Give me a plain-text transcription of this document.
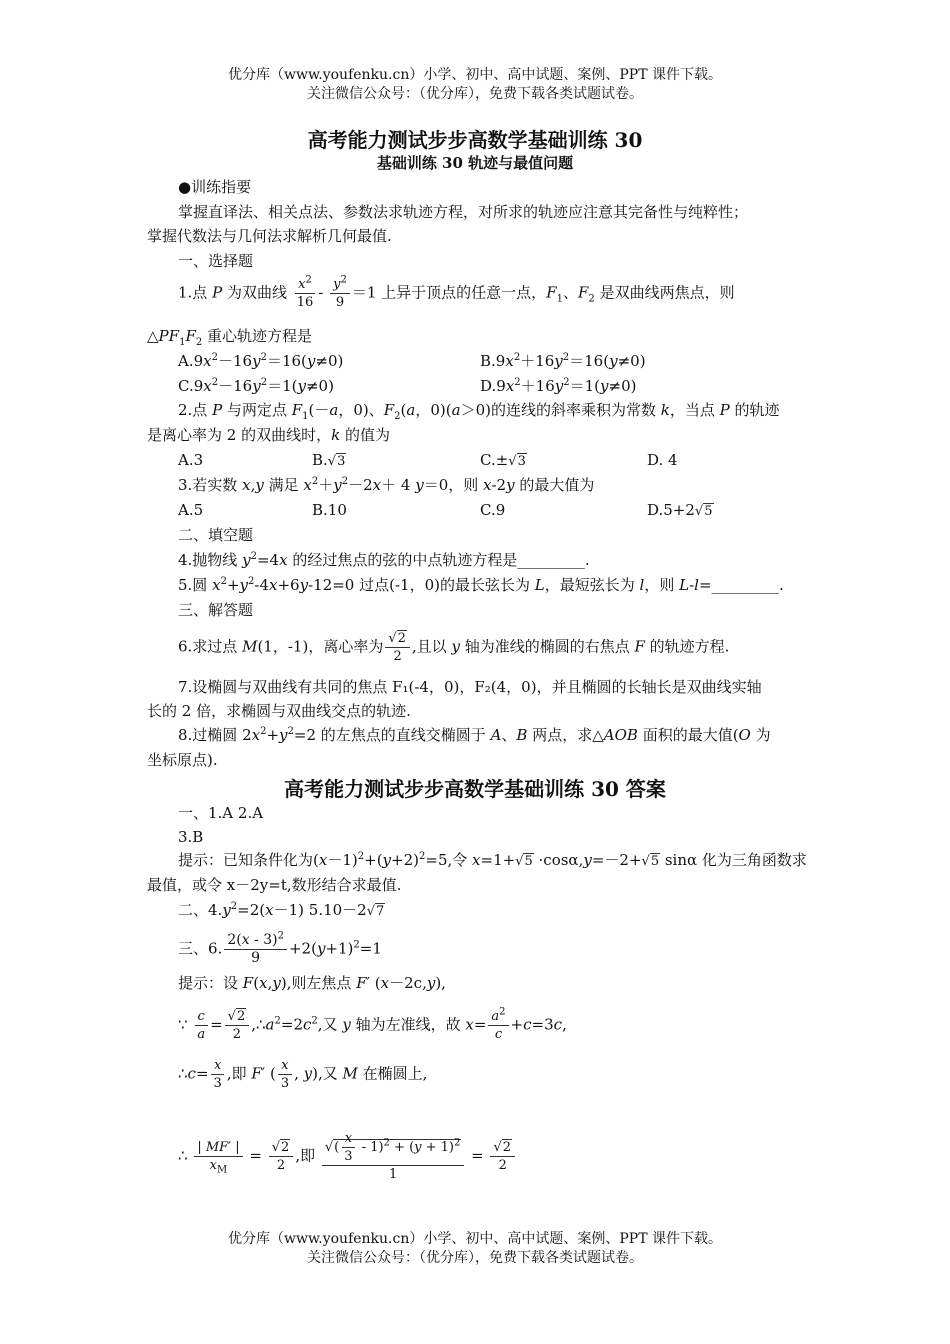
优分库（www.youfenku.cn）小学、初中、高中试题、案例、PPT 课件下载。
关注微信公众号：（优分库），免费下载各类试题试卷。
高考能力测试步步高数学基础训练 30
基础训练 30 轨迹与最值问题
●训练指要
掌握直译法、相关点法、参数法求轨迹方程，对所求的轨迹应注意其完备性与纯粹性；
掌握代数法与几何法求解析几何最值.
一、选择题
1.点 P 为双曲线 $\frac{x^2}{16} - \frac{y^2}{9} =1$ 上异于顶点的任意一点，$F_1$、$F_2$ 是双曲线两焦点，则
$\triangle PF_1F_2$ 重心轨迹方程是
$A.9x^2-16y^2=16(y\ne 0)$	$B.9x^2+16y^2=16(y\ne 0)$
$C.9x^2-16y^2=1(y\ne 0)$	$D.9x^2+16y^2=1(y\ne 0)$
2.点 P 与两定点 $F_1(-a$，0)、$F_2(a$，0)(a＞0)的连线的斜率乘积为常数 k，当点 P 的轨迹
是离心率为 2 的双曲线时，k 的值为
A.3	B.√3	C.±√3	D. 4
3.若实数 x,y 满足 $x^2+y^2-2x+ 4$ y＝0，则 x-2y 的最大值为
A.5	B.10	C.9	D.5+2√5
二、填空题
4.抛物线 $y^2=4x$ 的经过焦点的弦的中点轨迹方程是_________.
5.圆 $x^2+y^2-4x+6y-12=0$ 过点(-1，0)的最长弦长为 L，最短弦长为 l，则 L-l=_________.
三、解答题
6.求过点 M(1，-1)，离心率为 $\frac{√2}{2}$ ,且以 y 轴为准线的椭圆的右焦点 F 的轨迹方程.
7.设椭圆与双曲线有共同的焦点 F₁(-4，0)，F₂(4，0)，并且椭圆的长轴长是双曲线实轴
长的 2 倍，求椭圆与双曲线交点的轨迹.
8.过椭圆 $2x^2+y^2=2$ 的左焦点的直线交椭圆于 A、B 两点，求△AOB 面积的最大值(O 为
坐标原点).
高考能力测试步步高数学基础训练 30 答案
一、1.A 2.A
3.B
提示：已知条件化为$(x-1)^2+(y+2)^2=5$,令 x=1+√5 ·cosα,y=－2+√5 sinα 化为三角函数求
最值，或令 x－2y=t,数形结合求最值.
二、$4.y^2=2(x-1)$ 5.10－2√7
三、6. $\frac{2(x - 3)^2}{9} +2(y+1)^2=1$
提示：设 F(x,y),则左焦点 F′ (x－2c,y),
∵ $\frac{c}{a} = \frac{√2}{2}$ $,\therefore a^2=2c^2$,又 y 轴为左准线，故 $x= \frac{a^2}{c} +c=3c$,
∴c= $\frac{x}{3}$ ,即 F′ ( $\frac{x}{3}$ , y),又 M 在椭圆上,
∴ $\frac{| MF' |}{x_M} = \frac{√2}{2}$ ,即 $\frac{√( \frac{x}{3} - 1)^2 + (y + 1)^2}{1} = \frac{√2}{2}$
优分库（www.youfenku.cn）小学、初中、高中试题、案例、PPT 课件下载。
关注微信公众号：（优分库），免费下载各类试题试卷。
